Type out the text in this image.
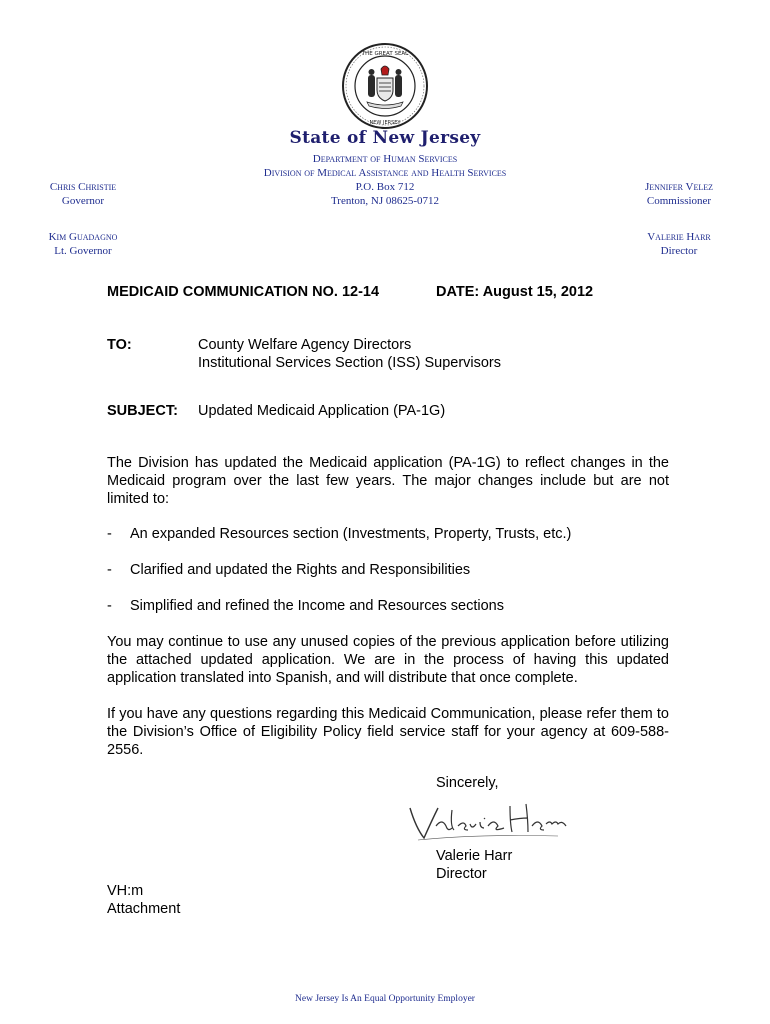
THE GREAT SEAL
NEW JERSEY
State of New Jersey
Department of Human Services
Division of Medical Assistance and Health Services
P.O. Box 712
Trenton, NJ 08625-0712
Chris Christie
Governor
Kim Guadagno
Lt. Governor
Jennifer Velez
Commissioner
Valerie Harr
Director
MEDICAID COMMUNICATION NO. 12-14	DATE: August 15, 2012
TO:	County Welfare Agency Directors
Institutional Services Section (ISS) Supervisors
SUBJECT: Updated Medicaid Application (PA-1G)
The Division has updated the Medicaid application (PA-1G) to reflect changes in the Medicaid program over the last few years. The major changes include but are not limited to:
- An expanded Resources section (Investments, Property, Trusts, etc.)
- Clarified and updated the Rights and Responsibilities
- Simplified and refined the Income and Resources sections
You may continue to use any unused copies of the previous application before utilizing the attached updated application. We are in the process of having this updated application translated into Spanish, and will distribute that once complete.
If you have any questions regarding this Medicaid Communication, please refer them to the Division’s Office of Eligibility Policy field service staff for your agency at 609-588-2556.
Sincerely,
Valerie Harr
Director
VH:m
Attachment
New Jersey Is An Equal Opportunity Employer
